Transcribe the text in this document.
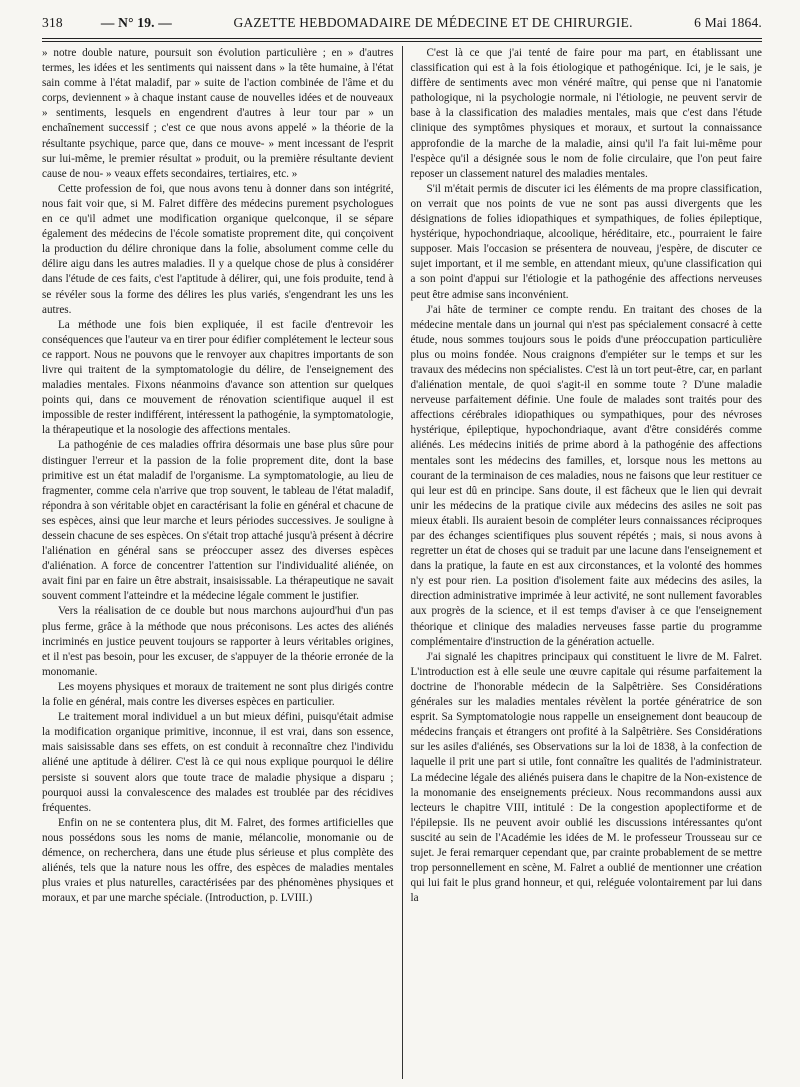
318	— N° 19. —	GAZETTE HEBDOMADAIRE DE MÉDECINE ET DE CHIRURGIE.	6 Mai 1864.

» notre double nature, poursuit son évolution particulière ; en » d'autres termes, les idées et les sentiments qui naissent dans » la tête humaine, à l'état sain comme à l'état maladif, par » suite de l'action combinée de l'âme et du corps, deviennent » à chaque instant cause de nouvelles idées et de nouveaux » sentiments, lesquels en engendrent d'autres à leur tour par » un enchaînement successif ; c'est ce que nous avons appelé » la théorie de la résultante psychique, parce que, dans ce mouve- » ment incessant de l'esprit sur lui-même, le premier résultat » produit, ou la première résultante devient cause de nou- » veaux effets secondaires, tertiaires, etc. »

Cette profession de foi, que nous avons tenu à donner dans son intégrité, nous fait voir que, si M. Falret diffère des médecins purement psychologues en ce qu'il admet une modification organique quelconque, il se sépare également des médecins de l'école somatiste proprement dite, qui conçoivent la production du délire chronique dans la folie, absolument comme celle du délire aigu dans les autres maladies. Il y a quelque chose de plus à considérer dans l'étude de ces faits, c'est l'aptitude à délirer, qui, une fois produite, tend à se révéler sous la forme des délires les plus variés, s'engendrant les uns les autres.

La méthode une fois bien expliquée, il est facile d'entrevoir les conséquences que l'auteur va en tirer pour édifier complétement le lecteur sous ce rapport. Nous ne pouvons que le renvoyer aux chapitres importants de son livre qui traitent de la symptomatologie du délire, de l'enseignement des maladies mentales. Fixons néanmoins d'avance son attention sur quelques points qui, dans ce mouvement de rénovation scientifique auquel il est impossible de rester indifférent, intéressent la pathogénie, la symptomatologie, la thérapeutique et la nosologie des affections mentales.

La pathogénie de ces maladies offrira désormais une base plus sûre pour distinguer l'erreur et la passion de la folie proprement dite, dont la base primitive est un état maladif de l'organisme. La symptomatologie, au lieu de fragmenter, comme cela n'arrive que trop souvent, le tableau de l'état maladif, répondra à son véritable objet en caractérisant la folie en général et chacune de ses espèces, ainsi que leur marche et leurs périodes successives. Je souligne à dessein chacune de ses espèces. On s'était trop attaché jusqu'à présent à décrire l'aliénation en général sans se préoccuper assez des diverses espèces d'aliénation. A force de concentrer l'attention sur l'individualité aliénée, on avait fini par en faire un être abstrait, insaisissable. La thérapeutique ne savait souvent comment l'atteindre et la médecine légale comment le justifier.

Vers la réalisation de ce double but nous marchons aujourd'hui d'un pas plus ferme, grâce à la méthode que nous préconisons. Les actes des aliénés incriminés en justice peuvent toujours se rapporter à leurs véritables origines, et il n'est pas besoin, pour les excuser, de s'appuyer de la théorie erronée de la monomanie.

Les moyens physiques et moraux de traitement ne sont plus dirigés contre la folie en général, mais contre les diverses espèces en particulier.

Le traitement moral individuel a un but mieux défini, puisqu'était admise la modification organique primitive, inconnue, il est vrai, dans son essence, mais saisissable dans ses effets, on est conduit à reconnaître chez l'individu aliéné une aptitude à délirer. C'est là ce qui nous explique pourquoi le délire persiste si souvent alors que toute trace de maladie physique a disparu ; pourquoi aussi la convalescence des malades est troublée par des récidives fréquentes.

Enfin on ne se contentera plus, dit M. Falret, des formes artificielles que nous possédons sous les noms de manie, mélancolie, monomanie ou de démence, on recherchera, dans une étude plus sérieuse et plus complète des aliénés, tels que la nature nous les offre, des espèces de maladies mentales plus vraies et plus naturelles, caractérisées par des phénomènes physiques et moraux, et par une marche spéciale. (Introduction, p. LVIII.)

C'est là ce que j'ai tenté de faire pour ma part, en établissant une classification qui est à la fois étiologique et pathogénique. Ici, je le sais, je diffère de sentiments avec mon vénéré maître, qui pense que ni l'anatomie pathologique, ni la psychologie normale, ni l'étiologie, ne peuvent servir de base à la classification des maladies mentales, mais que c'est dans l'étude clinique des symptômes physiques et moraux, et surtout la connaissance approfondie de la marche de la maladie, ainsi qu'il l'a fait lui-même pour l'espèce qu'il a désignée sous le nom de folie circulaire, que l'on peut faire reposer un classement naturel des maladies mentales.

S'il m'était permis de discuter ici les éléments de ma propre classification, on verrait que nos points de vue ne sont pas aussi divergents que les désignations de folies idiopathiques et sympathiques, de folies épileptique, hystérique, hypochondriaque, alcoolique, héréditaire, etc., pourraient le faire supposer. Mais l'occasion se présentera de nouveau, j'espère, de discuter ce sujet important, et il me semble, en attendant mieux, qu'une classification qui a son point d'appui sur l'étiologie et la pathogénie des affections nerveuses peut être admise sans inconvénient.

J'ai hâte de terminer ce compte rendu. En traitant des choses de la médecine mentale dans un journal qui n'est pas spécialement consacré à cette étude, nous sommes toujours sous le poids d'une préoccupation particulière plus ou moins fondée. Nous craignons d'empiéter sur le temps et sur les travaux des médecins non spécialistes. C'est là un tort peut-être, car, en parlant d'aliénation mentale, de quoi s'agit-il en somme toute ? D'une maladie nerveuse parfaitement définie. Une foule de malades sont traités pour des affections cérébrales idiopathiques ou sympathiques, pour des névroses hystérique, épileptique, hypochondriaque, avant d'être considérés comme aliénés. Les médecins initiés de prime abord à la pathogénie des affections mentales sont les médecins des familles, et, lorsque nous les mettons au courant de la terminaison de ces maladies, nous ne faisons que leur restituer ce qui leur est dû en principe. Sans doute, il est fâcheux que le lien qui devrait unir les médecins de la pratique civile aux médecins des asiles ne soit pas mieux établi. Ils auraient besoin de compléter leurs connaissances réciproques par des échanges scientifiques plus souvent répétés ; mais, si nous avons à regretter un état de choses qui se traduit par une lacune dans l'enseignement et dans la pratique, la faute en est aux circonstances, et la volonté des hommes n'y est pour rien. La position d'isolement faite aux médecins des asiles, la direction administrative imprimée à leur activité, ne sont nullement favorables aux progrès de la science, et il est temps d'aviser à ce que l'enseignement théorique et clinique des maladies nerveuses fasse partie du programme complémentaire d'instruction de la génération actuelle.

J'ai signalé les chapitres principaux qui constituent le livre de M. Falret. L'introduction est à elle seule une œuvre capitale qui résume parfaitement la doctrine de l'honorable médecin de la Salpêtrière. Ses Considérations générales sur les maladies mentales révèlent la portée génératrice de son esprit. Sa Symptomatologie nous rappelle un enseignement dont beaucoup de médecins français et étrangers ont profité à la Salpêtrière. Ses Considérations sur les asiles d'aliénés, ses Observations sur la loi de 1838, à la confection de laquelle il prit une part si utile, font connaître les qualités de l'administrateur. La médecine légale des aliénés puisera dans le chapitre de la Non-existence de la monomanie des enseignements précieux. Nous recommandons aussi aux lecteurs le chapitre VIII, intitulé : De la congestion apoplectiforme et de l'épilepsie. Ils ne peuvent avoir oublié les discussions intéressantes qu'ont suscité au sein de l'Académie les idées de M. le professeur Trousseau sur ce sujet. Je ferai remarquer cependant que, par crainte probablement de se mettre trop personnellement en scène, M. Falret a oublié de mentionner une création qui lui fait le plus grand honneur, et qui, reléguée volontairement par lui dans la
